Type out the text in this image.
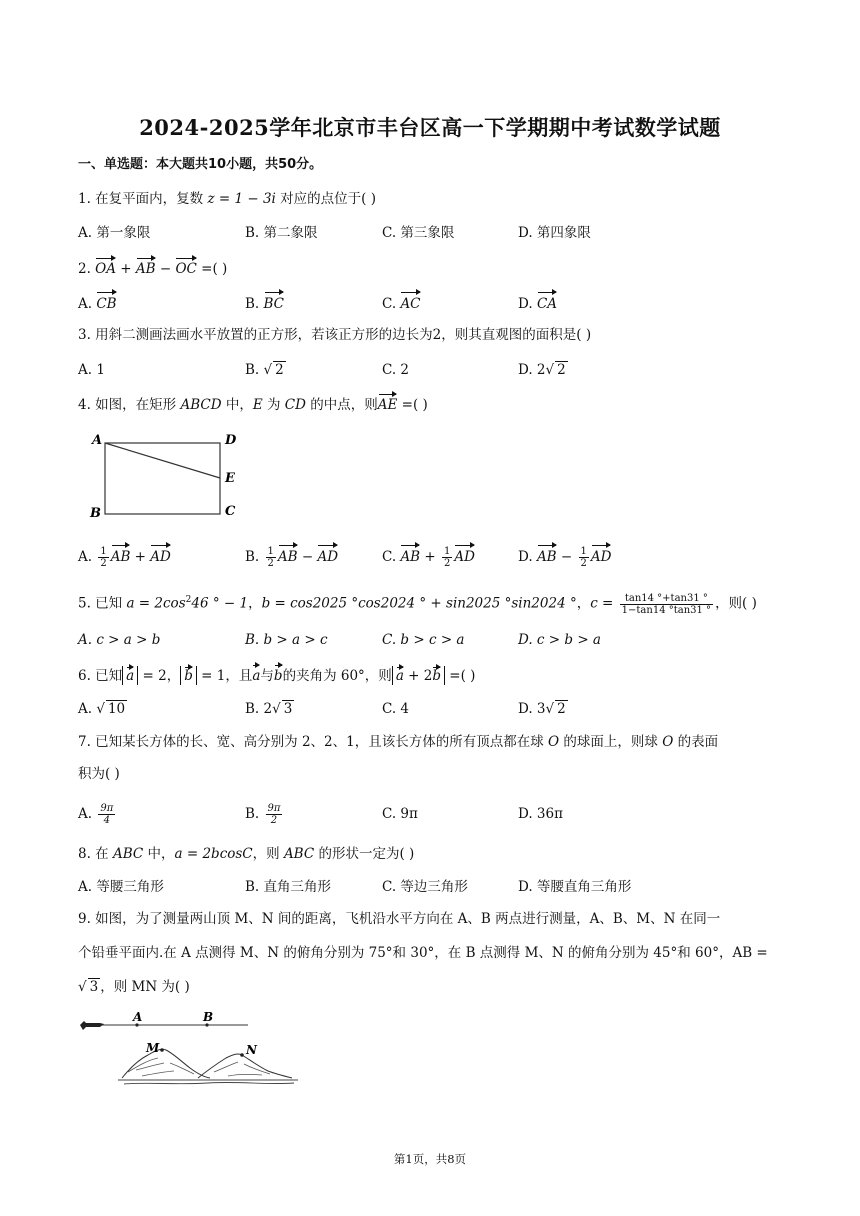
2024-2025学年北京市丰台区高一下学期期中考试数学试题
一、单选题：本大题共10小题，共50分。
1. 在复平面内，复数 z = 1 − 3i 对应的点位于( )
A. 第一象限	B. 第二象限	C. 第三象限	D. 第四象限
2. OA + AB − OC =( )
A. CB	B. BC	C. AC	D. CA
3. 用斜二测画法画水平放置的正方形，若该正方形的边长为2，则其直观图的面积是( )
A. 1	B. √ 2	C. 2	D. 2√ 2
4. 如图，在矩形 ABCD 中，E 为 CD 的中点，则AE =( )
A	D
E
C
B
A. $\frac{1}{2}$ AB + AD	B. $\frac{1}{2}$ AB − AD	C. AB + $\frac{1}{2}$ AD	D. AB − $\frac{1}{2}$ AD
5. 已知 $a = 2\cos^246$ ° − 1，b = cos2025 °cos2024 ° + sin2025 °sin2024 °，$c = \frac{\tan 14 ^\circ+\tan 31 ^\circ}{1-\tan 14 ^\circ\tan 31 ^\circ}$ ，则( )
A. c > a > b	B. b > a > c	C. b > c > a	D. c > b > a
6. 已知 a = 2， b = 1，且a与b的夹角为 60°，则 a + 2b =( )
A. √ 10	B. 2√ 3	C. 4	D. 3√ 2
7. 已知某长方体的长、宽、高分别为 2、2、1，且该长方体的所有顶点都在球 O 的球面上，则球 O 的表面
积为( )
A. $\frac{9\pi}{4}$	B. $\frac{9\pi}{2}$	C. 9π	D. 36π
8. 在 ABC 中，a = 2bcosC，则 ABC 的形状一定为( )
A. 等腰三角形	B. 直角三角形	C. 等边三角形	D. 等腰直角三角形
9. 如图，为了测量两山顶 M、N 间的距离，飞机沿水平方向在 A、B 两点进行测量，A、B、M、N 在同一
个铅垂平面内.在 A 点测得 M、N 的俯角分别为 75°和 30°，在 B 点测得 M、N 的俯角分别为 45°和 60°，AB =
√ 3 ，则 MN 为( )
A	B
M	N
第1页，共8页
